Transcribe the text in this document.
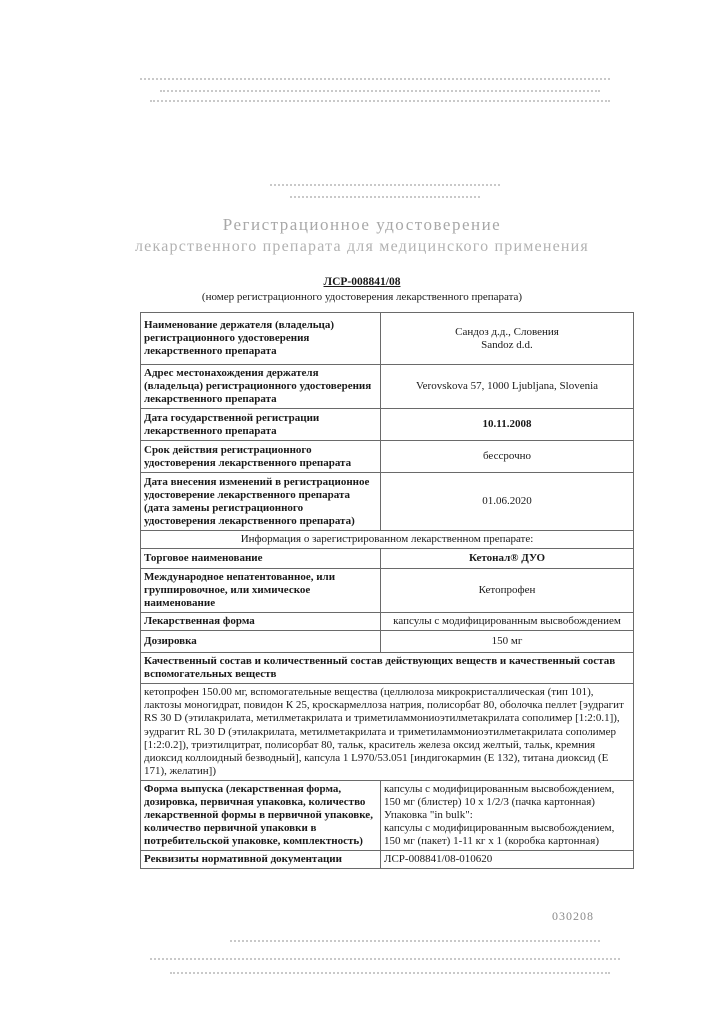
Регистрационное удостоверение
лекарственного препарата для медицинского применения
ЛСР-008841/08
(номер регистрационного удостоверения лекарственного препарата)
Наименование держателя (владельца) регистрационного удостоверения лекарственного препарата	Сандоз д.д., Словения
Sandoz d.d.

Адрес местонахождения держателя (владельца) регистрационного удостоверения лекарственного препарата	Verovskova 57, 1000 Ljubljana, Slovenia
Дата государственной регистрации лекарственного препарата	10.11.2008
Срок действия регистрационного удостоверения лекарственного препарата	бессрочно
Дата внесения изменений в регистрационное удостоверение лекарственного препарата (дата замены регистрационного удостоверения лекарственного препарата)	01.06.2020
Информация о зарегистрированном лекарственном препарате:	
Торговое наименование	Кетонал® ДУО
Международное непатентованное, или группировочное, или химическое наименование	Кетопрофен
Лекарственная форма	капсулы с модифицированным высвобождением
Дозировка	150 мг
Качественный состав и количественный состав действующих веществ и качественный состав вспомогательных веществ	
кетопрофен 150.00 мг, вспомогательные вещества (целлюлоза микрокристаллическая (тип 101), лактозы моногидрат, повидон К 25, кроскармеллоза натрия, полисорбат 80, оболочка пеллет [эудрагит RS 30 D (этилакрилата, метилметакрилата и триметиламмониоэтилметакрилата сополимер [1:2:0.1]), эудрагит RL 30 D (этилакрилата, метилметакрилата и триметиламмониоэтилметакрилата сополимер [1:2:0.2]), триэтилцитрат, полисорбат 80, тальк, краситель железа оксид желтый, тальк, кремния диоксид коллоидный безводный], капсула 1 L970/53.051 [индигокармин (Е 132), титана диоксид (Е 171), желатин])	
Форма выпуска (лекарственная форма, дозировка, первичная упаковка, количество лекарственной формы в первичной упаковке, количество первичной упаковки в потребительской упаковке, комплектность)	капсулы с модифицированным высвобождением, 150 мг (блистер) 10 х 1/2/3 (пачка картонная)
Упаковка "in bulk":
капсулы с модифицированным высвобождением, 150 мг (пакет) 1-11 кг х 1 (коробка картонная)

Реквизиты нормативной документации	ЛСР-008841/08-010620
030208
